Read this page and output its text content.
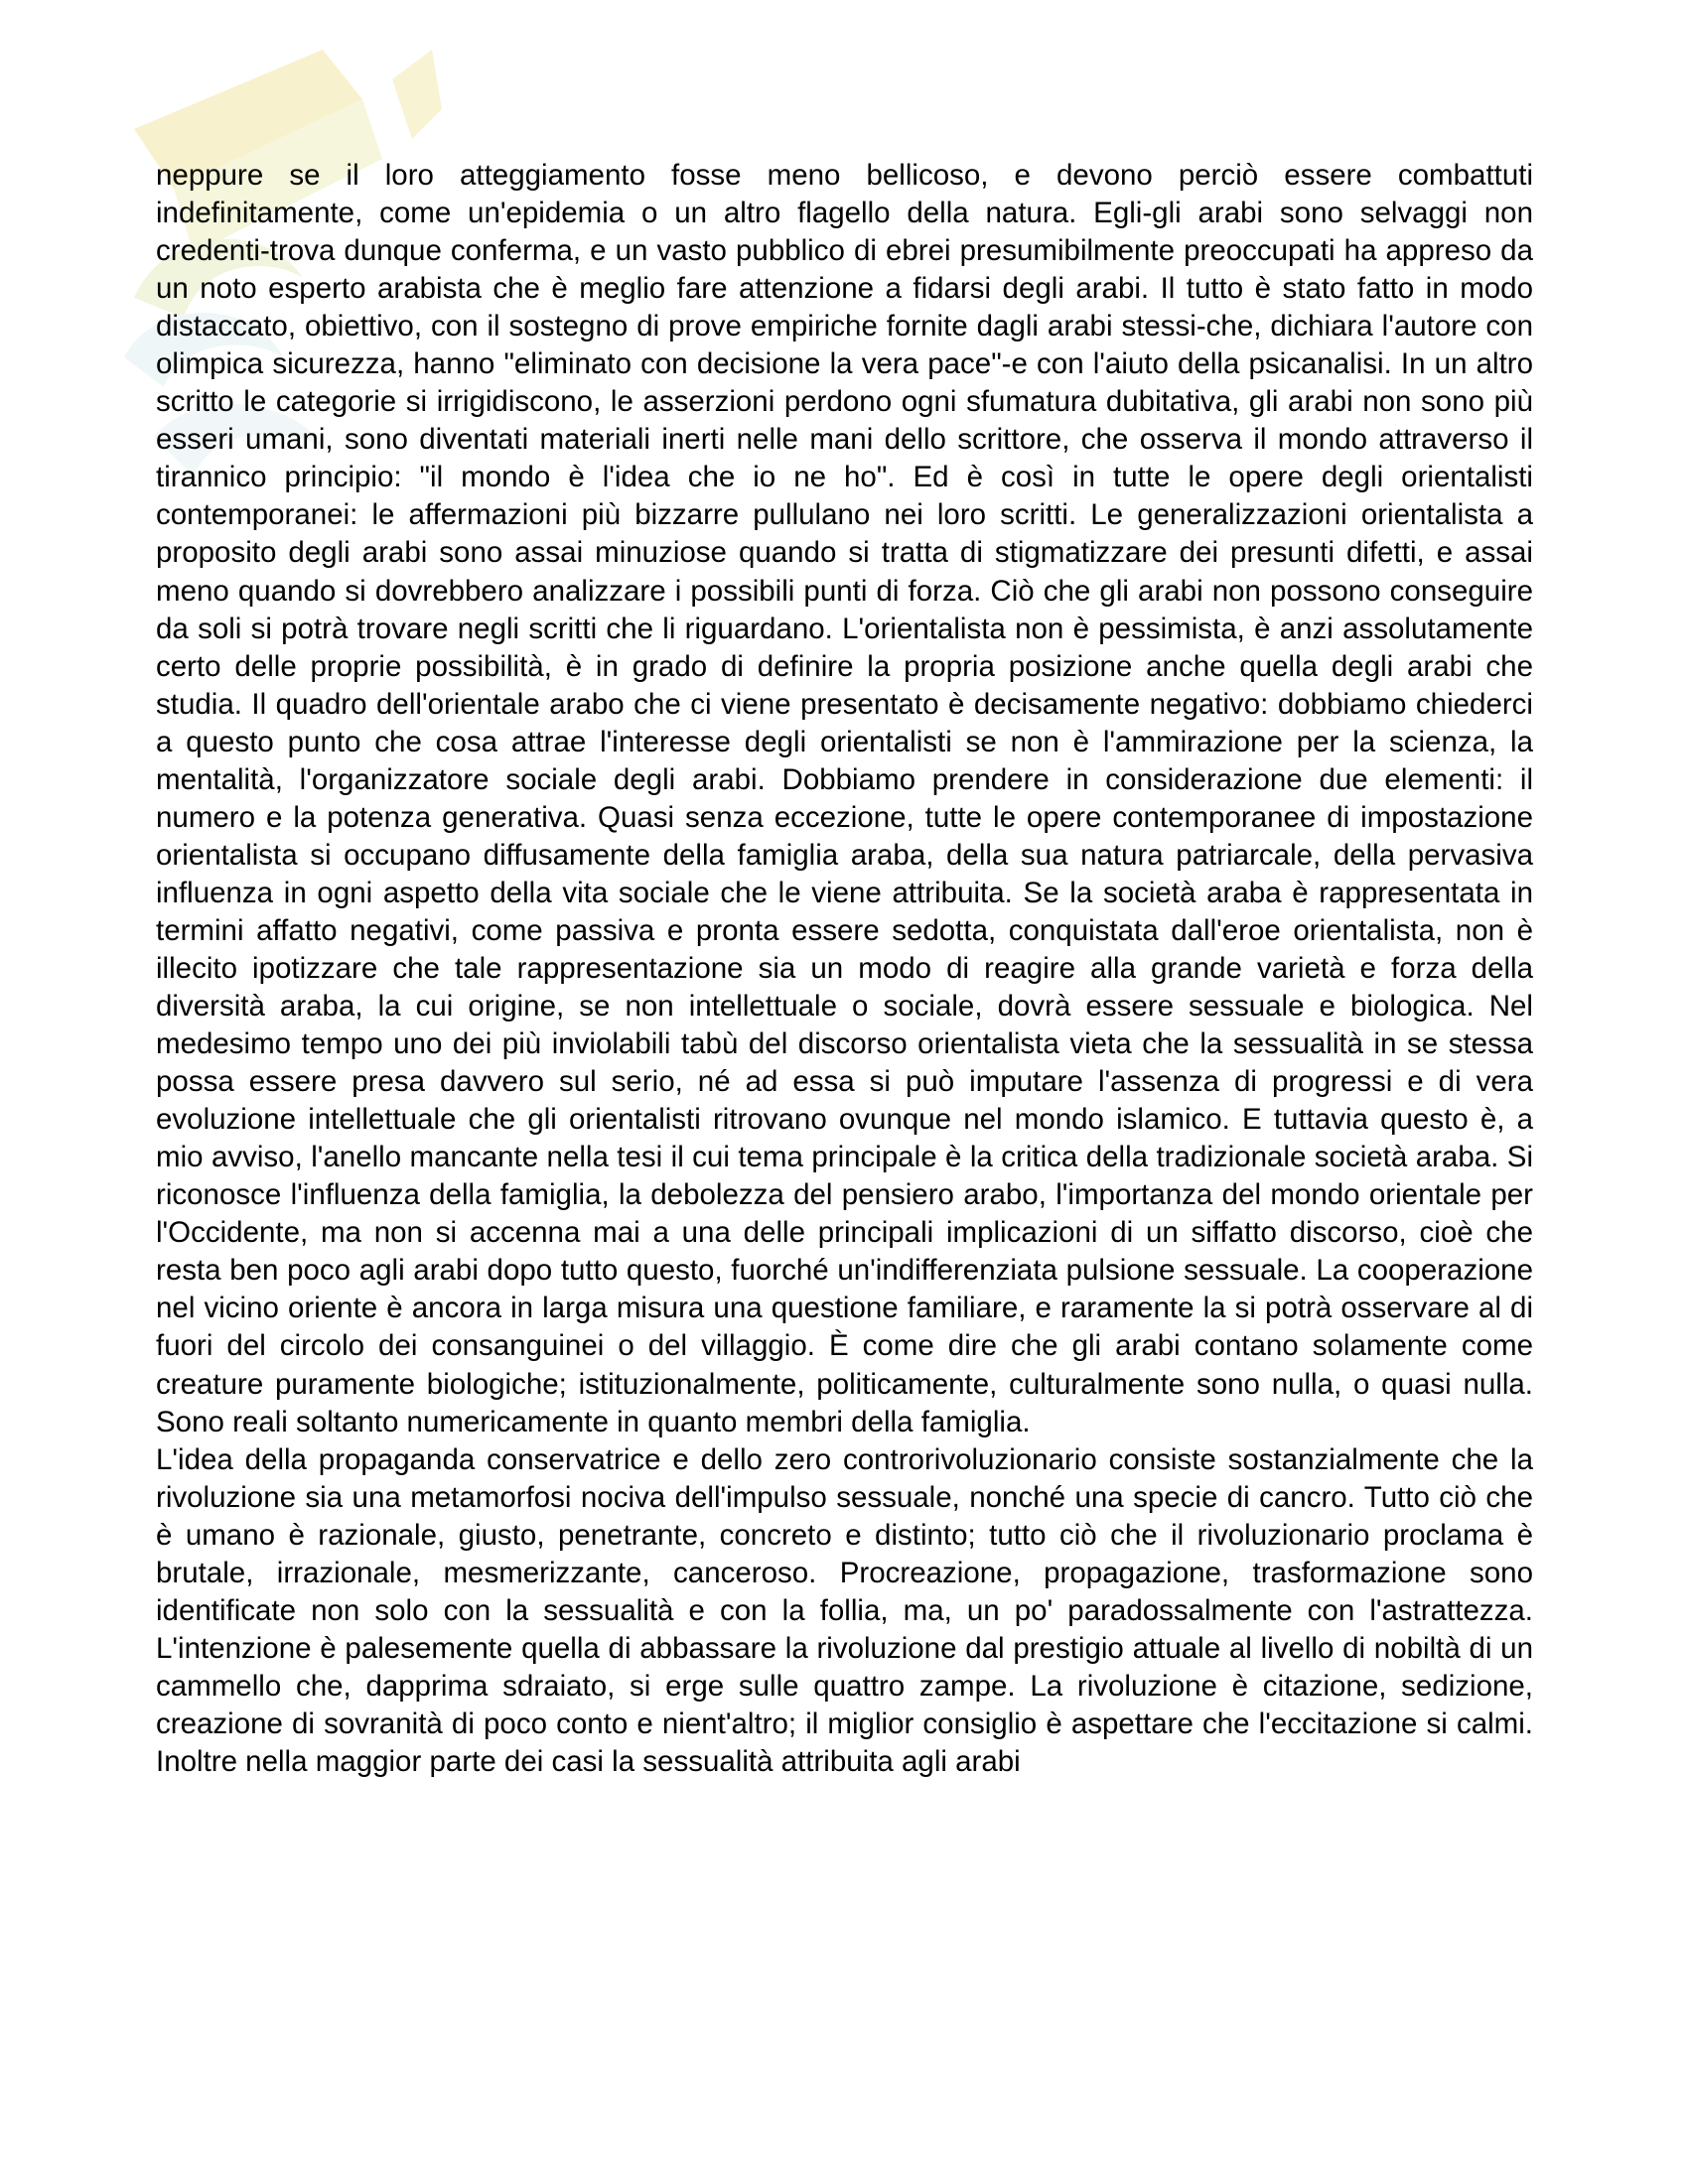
neppure se il loro atteggiamento fosse meno bellicoso, e devono perciò essere combattuti indefinitamente, come un'epidemia o un altro flagello della natura. Egli-gli arabi sono selvaggi non credenti-trova dunque conferma, e un vasto pubblico di ebrei presumibilmente preoccupati ha appreso da un noto esperto arabista che è meglio fare attenzione a fidarsi degli arabi. Il tutto è stato fatto in modo distaccato, obiettivo, con il sostegno di prove empiriche fornite dagli arabi stessi-che, dichiara l'autore con olimpica sicurezza, hanno "eliminato con decisione la vera pace"-e con l'aiuto della psicanalisi. In un altro scritto le categorie si irrigidiscono, le asserzioni perdono ogni sfumatura dubitativa, gli arabi non sono più esseri umani, sono diventati materiali inerti nelle mani dello scrittore, che osserva il mondo attraverso il tirannico principio: "il mondo è l'idea che io ne ho". Ed è così in tutte le opere degli orientalisti contemporanei: le affermazioni più bizzarre pullulano nei loro scritti. Le generalizzazioni orientalista a proposito degli arabi sono assai minuziose quando si tratta di stigmatizzare dei presunti difetti, e assai meno quando si dovrebbero analizzare i possibili punti di forza. Ciò che gli arabi non possono conseguire da soli si potrà trovare negli scritti che li riguardano. L'orientalista non è pessimista, è anzi assolutamente certo delle proprie possibilità, è in grado di definire la propria posizione anche quella degli arabi che studia. Il quadro dell'orientale arabo che ci viene presentato è decisamente negativo: dobbiamo chiederci a questo punto che cosa attrae l'interesse degli orientalisti se non è l'ammirazione per la scienza, la mentalità, l'organizzatore sociale degli arabi. Dobbiamo prendere in considerazione due elementi: il numero e la potenza generativa. Quasi senza eccezione, tutte le opere contemporanee di impostazione orientalista si occupano diffusamente della famiglia araba, della sua natura patriarcale, della pervasiva influenza in ogni aspetto della vita sociale che le viene attribuita. Se la società araba è rappresentata in termini affatto negativi, come passiva e pronta essere sedotta, conquistata dall'eroe orientalista, non è illecito ipotizzare che tale rappresentazione sia un modo di reagire alla grande varietà e forza della diversità araba, la cui origine, se non intellettuale o sociale, dovrà essere sessuale e biologica. Nel medesimo tempo uno dei più inviolabili tabù del discorso orientalista vieta che la sessualità in se stessa possa essere presa davvero sul serio, né ad essa si può imputare l'assenza di progressi e di vera evoluzione intellettuale che gli orientalisti ritrovano ovunque nel mondo islamico. E tuttavia questo è, a mio avviso, l'anello mancante nella tesi il cui tema principale è la critica della tradizionale società araba. Si riconosce l'influenza della famiglia, la debolezza del pensiero arabo, l'importanza del mondo orientale per l'Occidente, ma non si accenna mai a una delle principali implicazioni di un siffatto discorso, cioè che resta ben poco agli arabi dopo tutto questo, fuorché un'indifferenziata pulsione sessuale. La cooperazione nel vicino oriente è ancora in larga misura una questione familiare, e raramente la si potrà osservare al di fuori del circolo dei consanguinei o del villaggio. È come dire che gli arabi contano solamente come creature puramente biologiche; istituzionalmente, politicamente, culturalmente sono nulla, o quasi nulla. Sono reali soltanto numericamente in quanto membri della famiglia.

L'idea della propaganda conservatrice e dello zero controrivoluzionario consiste sostanzialmente che la rivoluzione sia una metamorfosi nociva dell'impulso sessuale, nonché una specie di cancro. Tutto ciò che è umano è razionale, giusto, penetrante, concreto e distinto; tutto ciò che il rivoluzionario proclama è brutale, irrazionale, mesmerizzante, canceroso. Procreazione, propagazione, trasformazione sono identificate non solo con la sessualità e con la follia, ma, un po' paradossalmente con l'astrattezza. L'intenzione è palesemente quella di abbassare la rivoluzione dal prestigio attuale al livello di nobiltà di un cammello che, dapprima sdraiato, si erge sulle quattro zampe. La rivoluzione è citazione, sedizione, creazione di sovranità di poco conto e nient'altro; il miglior consiglio è aspettare che l'eccitazione si calmi. Inoltre nella maggior parte dei casi la sessualità attribuita agli arabi
